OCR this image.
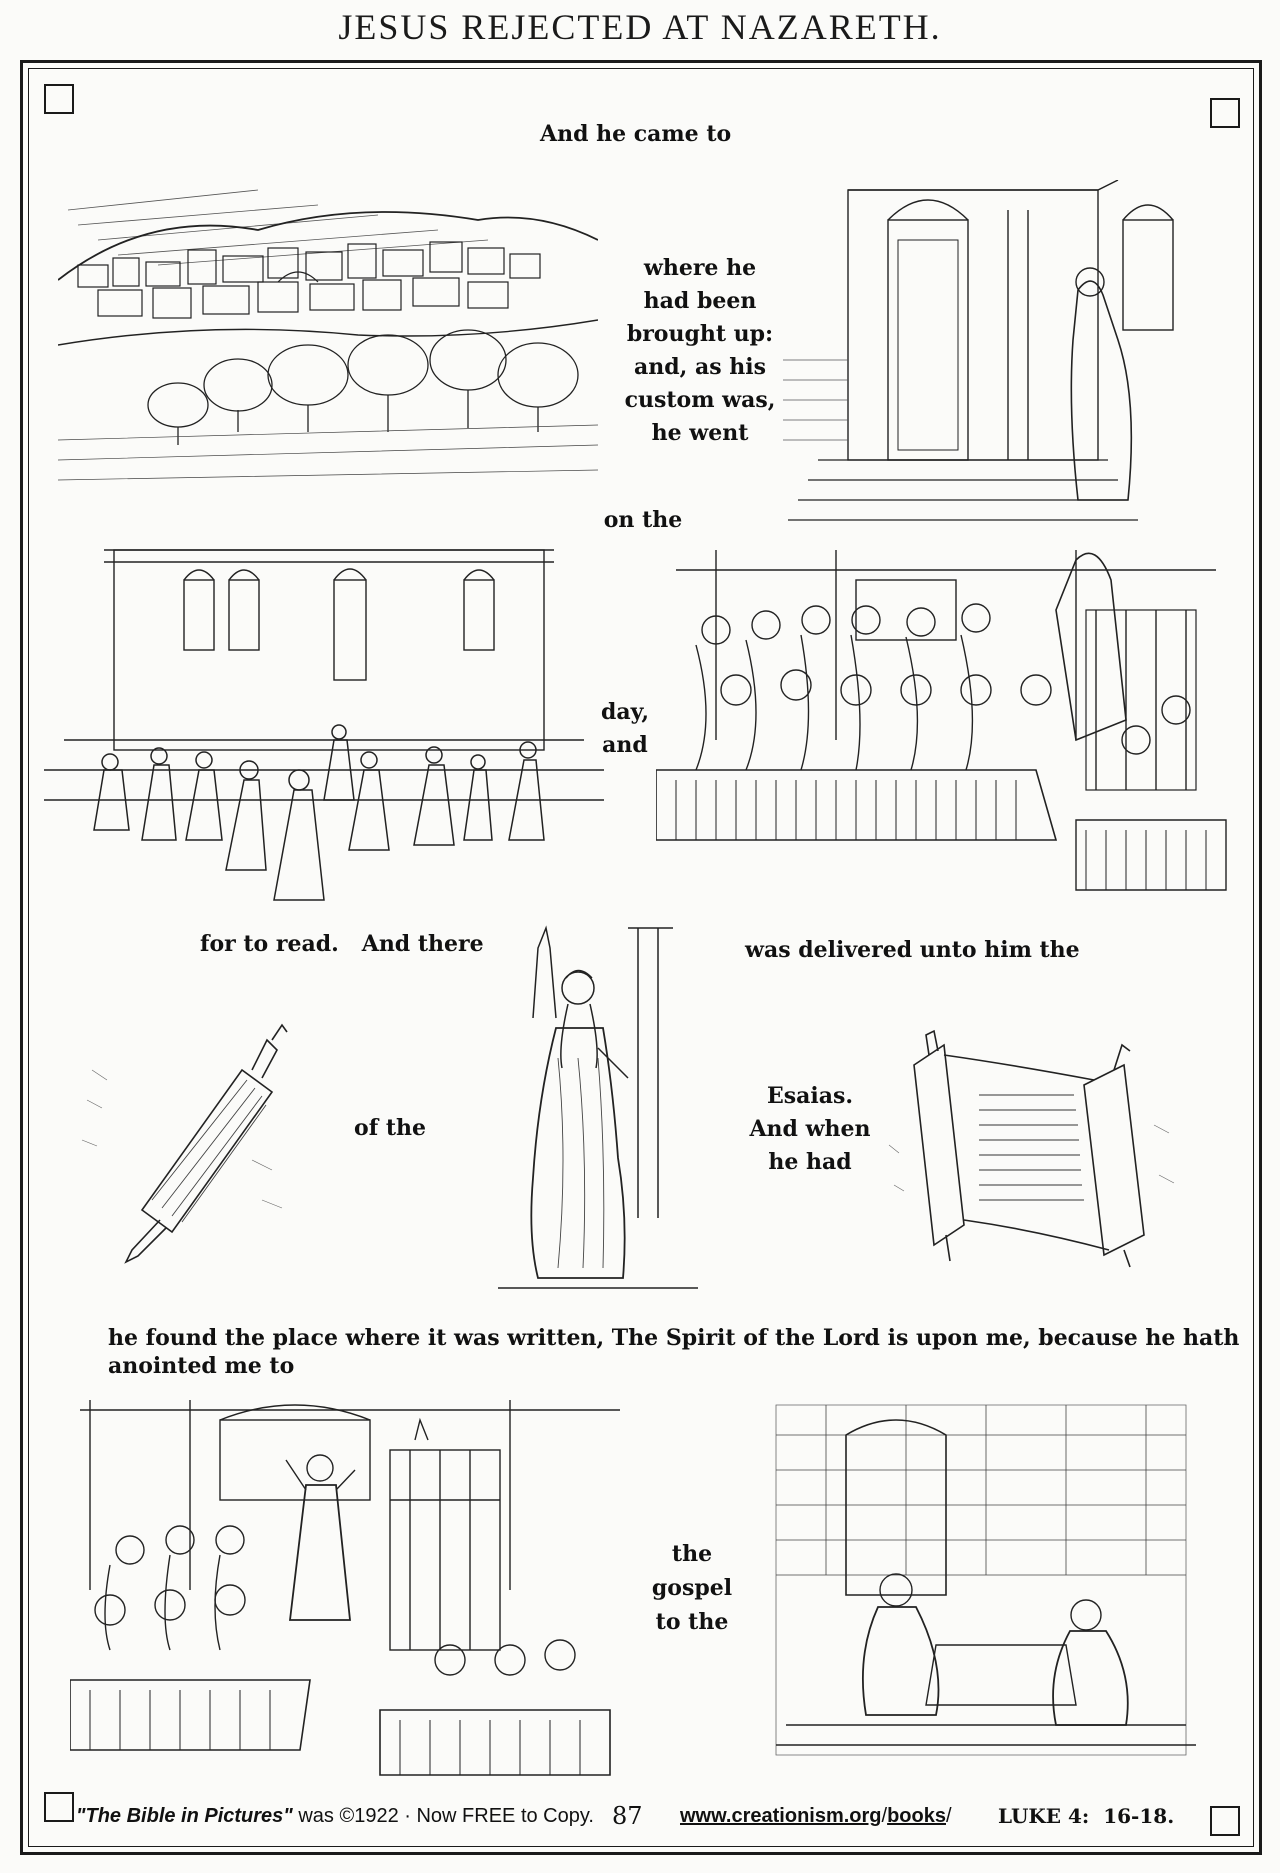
JESUS REJECTED AT NAZARETH.
And he came to
where he
had been
brought up:
and, as his
custom was,
he went
on the
day,
and
for to read.   And there	was delivered unto him the
of the
Esaias.
And when
he had
he found the place where it was written, The Spirit of the Lord is upon me, because he hath
anointed me to
the
gospel
to the
"The Bible in Pictures" was ©1922 · Now FREE to Copy. 87 www.creationism.org/books/ LUKE 4:  16-18.
